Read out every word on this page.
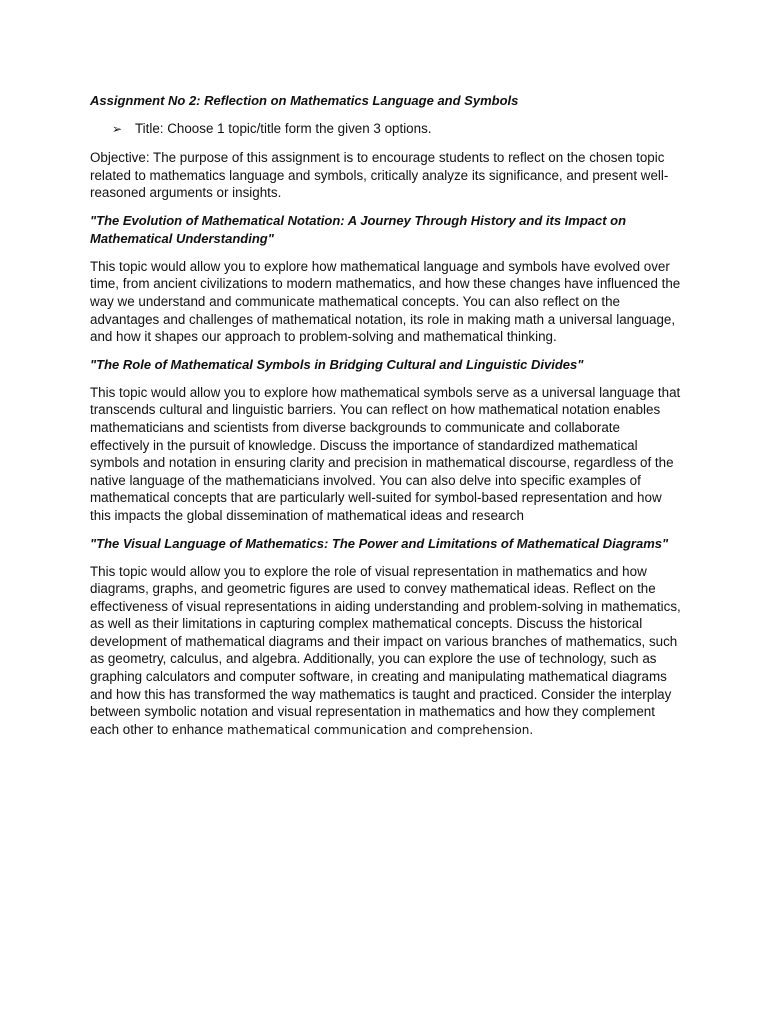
Assignment No 2: Reflection on Mathematics Language and Symbols
➢ Title: Choose 1 topic/title form the given 3 options.
Objective: The purpose of this assignment is to encourage students to reflect on the chosen topic related to mathematics language and symbols, critically analyze its significance, and present well-reasoned arguments or insights.
"The Evolution of Mathematical Notation: A Journey Through History and its Impact on Mathematical Understanding"
This topic would allow you to explore how mathematical language and symbols have evolved over time, from ancient civilizations to modern mathematics, and how these changes have influenced the way we understand and communicate mathematical concepts. You can also reflect on the advantages and challenges of mathematical notation, its role in making math a universal language, and how it shapes our approach to problem-solving and mathematical thinking.
"The Role of Mathematical Symbols in Bridging Cultural and Linguistic Divides"
This topic would allow you to explore how mathematical symbols serve as a universal language that transcends cultural and linguistic barriers. You can reflect on how mathematical notation enables mathematicians and scientists from diverse backgrounds to communicate and collaborate effectively in the pursuit of knowledge. Discuss the importance of standardized mathematical symbols and notation in ensuring clarity and precision in mathematical discourse, regardless of the native language of the mathematicians involved. You can also delve into specific examples of mathematical concepts that are particularly well-suited for symbol-based representation and how this impacts the global dissemination of mathematical ideas and research
"The Visual Language of Mathematics: The Power and Limitations of Mathematical Diagrams"
This topic would allow you to explore the role of visual representation in mathematics and how diagrams, graphs, and geometric figures are used to convey mathematical ideas. Reflect on the effectiveness of visual representations in aiding understanding and problem-solving in mathematics, as well as their limitations in capturing complex mathematical concepts. Discuss the historical development of mathematical diagrams and their impact on various branches of mathematics, such as geometry, calculus, and algebra. Additionally, you can explore the use of technology, such as graphing calculators and computer software, in creating and manipulating mathematical diagrams and how this has transformed the way mathematics is taught and practiced. Consider the interplay between symbolic notation and visual representation in mathematics and how they complement each other to enhance mathematical communication and comprehension.
